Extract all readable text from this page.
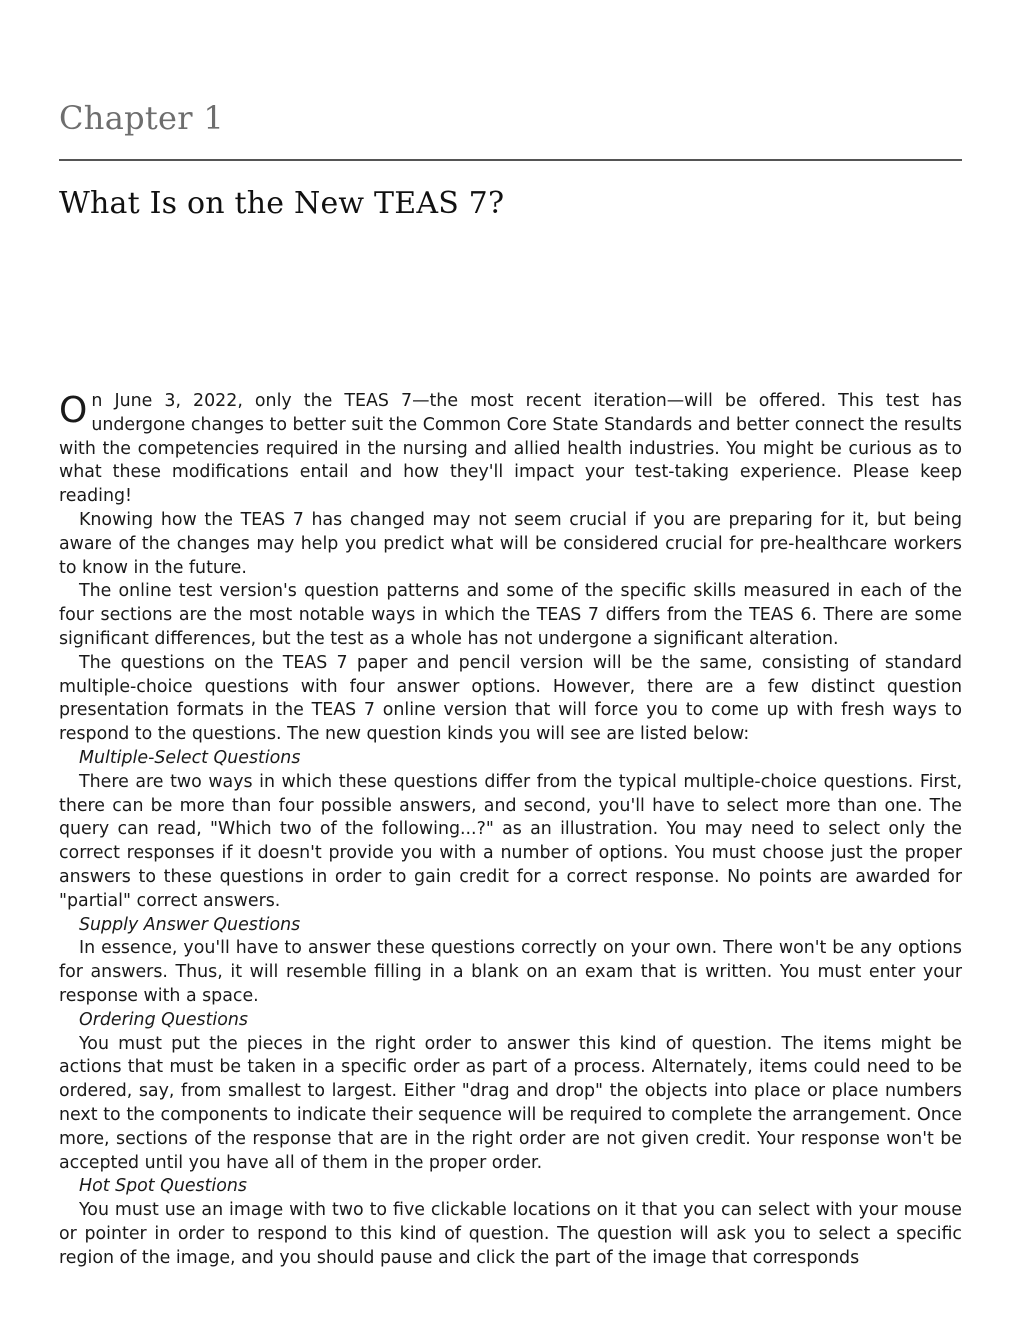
Chapter 1
What Is on the New TEAS 7?

On June 3, 2022, only the TEAS 7—the most recent iteration—will be offered. This test has undergone changes to better suit the Common Core State Standards and better connect the results with the competencies required in the nursing and allied health industries. You might be curious as to what these modifications entail and how they'll impact your test-taking experience. Please keep reading!

Knowing how the TEAS 7 has changed may not seem crucial if you are preparing for it, but being aware of the changes may help you predict what will be considered crucial for pre-healthcare workers to know in the future.

The online test version's question patterns and some of the specific skills measured in each of the four sections are the most notable ways in which the TEAS 7 differs from the TEAS 6. There are some significant differences, but the test as a whole has not undergone a significant alteration.

The questions on the TEAS 7 paper and pencil version will be the same, consisting of standard multiple-choice questions with four answer options. However, there are a few distinct question presentation formats in the TEAS 7 online version that will force you to come up with fresh ways to respond to the questions. The new question kinds you will see are listed below:

Multiple-Select Questions

There are two ways in which these questions differ from the typical multiple-choice questions. First, there can be more than four possible answers, and second, you'll have to select more than one. The query can read, "Which two of the following...?" as an illustration. You may need to select only the correct responses if it doesn't provide you with a number of options. You must choose just the proper answers to these questions in order to gain credit for a correct response. No points are awarded for "partial" correct answers.

Supply Answer Questions

In essence, you'll have to answer these questions correctly on your own. There won't be any options for answers. Thus, it will resemble filling in a blank on an exam that is written. You must enter your response with a space.

Ordering Questions

You must put the pieces in the right order to answer this kind of question. The items might be actions that must be taken in a specific order as part of a process. Alternately, items could need to be ordered, say, from smallest to largest. Either "drag and drop" the objects into place or place numbers next to the components to indicate their sequence will be required to complete the arrangement. Once more, sections of the response that are in the right order are not given credit. Your response won't be accepted until you have all of them in the proper order.

Hot Spot Questions

You must use an image with two to five clickable locations on it that you can select with your mouse or pointer in order to respond to this kind of question. The question will ask you to select a specific region of the image, and you should pause and click the part of the image that corresponds
